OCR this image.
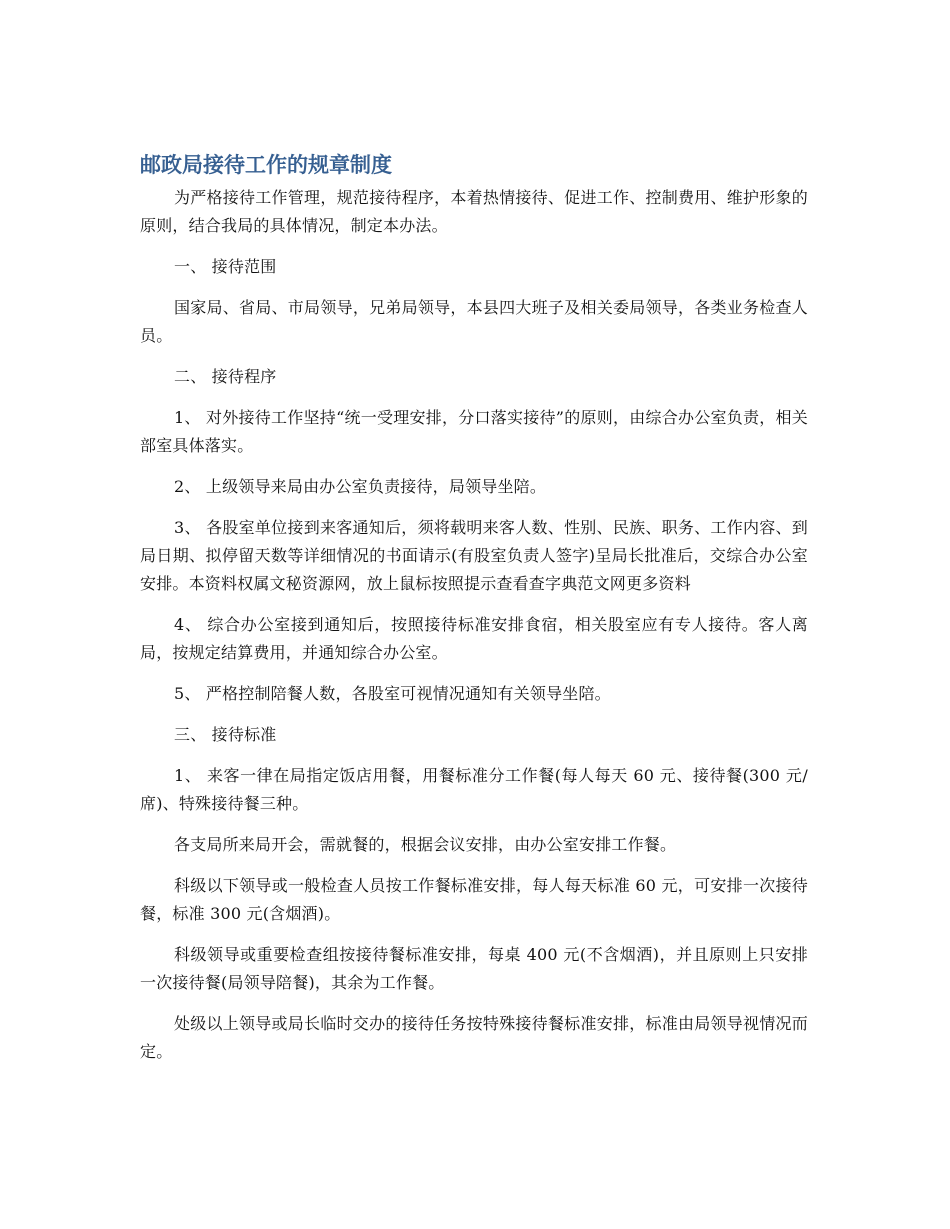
邮政局接待工作的规章制度

为严格接待工作管理，规范接待程序，本着热情接待、促进工作、控制费用、维护形象的原则，结合我局的具体情况，制定本办法。

一、 接待范围

国家局、省局、市局领导，兄弟局领导，本县四大班子及相关委局领导，各类业务检查人员。

二、 接待程序

1、 对外接待工作坚持“统一受理安排，分口落实接待”的原则，由综合办公室负责，相关部室具体落实。

2、 上级领导来局由办公室负责接待，局领导坐陪。

3、 各股室单位接到来客通知后，须将载明来客人数、性别、民族、职务、工作内容、到局日期、拟停留天数等详细情况的书面请示(有股室负责人签字)呈局长批准后，交综合办公室安排。本资料权属文秘资源网，放上鼠标按照提示查看查字典范文网更多资料

4、 综合办公室接到通知后，按照接待标准安排食宿，相关股室应有专人接待。客人离局，按规定结算费用，并通知综合办公室。

5、 严格控制陪餐人数，各股室可视情况通知有关领导坐陪。

三、 接待标准

1、 来客一律在局指定饭店用餐，用餐标准分工作餐(每人每天 60 元、接待餐(300 元/席)、特殊接待餐三种。

各支局所来局开会，需就餐的，根据会议安排，由办公室安排工作餐。

科级以下领导或一般检查人员按工作餐标准安排，每人每天标准 60 元，可安排一次接待餐，标准 300 元(含烟酒)。

科级领导或重要检查组按接待餐标准安排，每桌 400 元(不含烟酒)，并且原则上只安排一次接待餐(局领导陪餐)，其余为工作餐。

处级以上领导或局长临时交办的接待任务按特殊接待餐标准安排，标准由局领导视情况而定。
